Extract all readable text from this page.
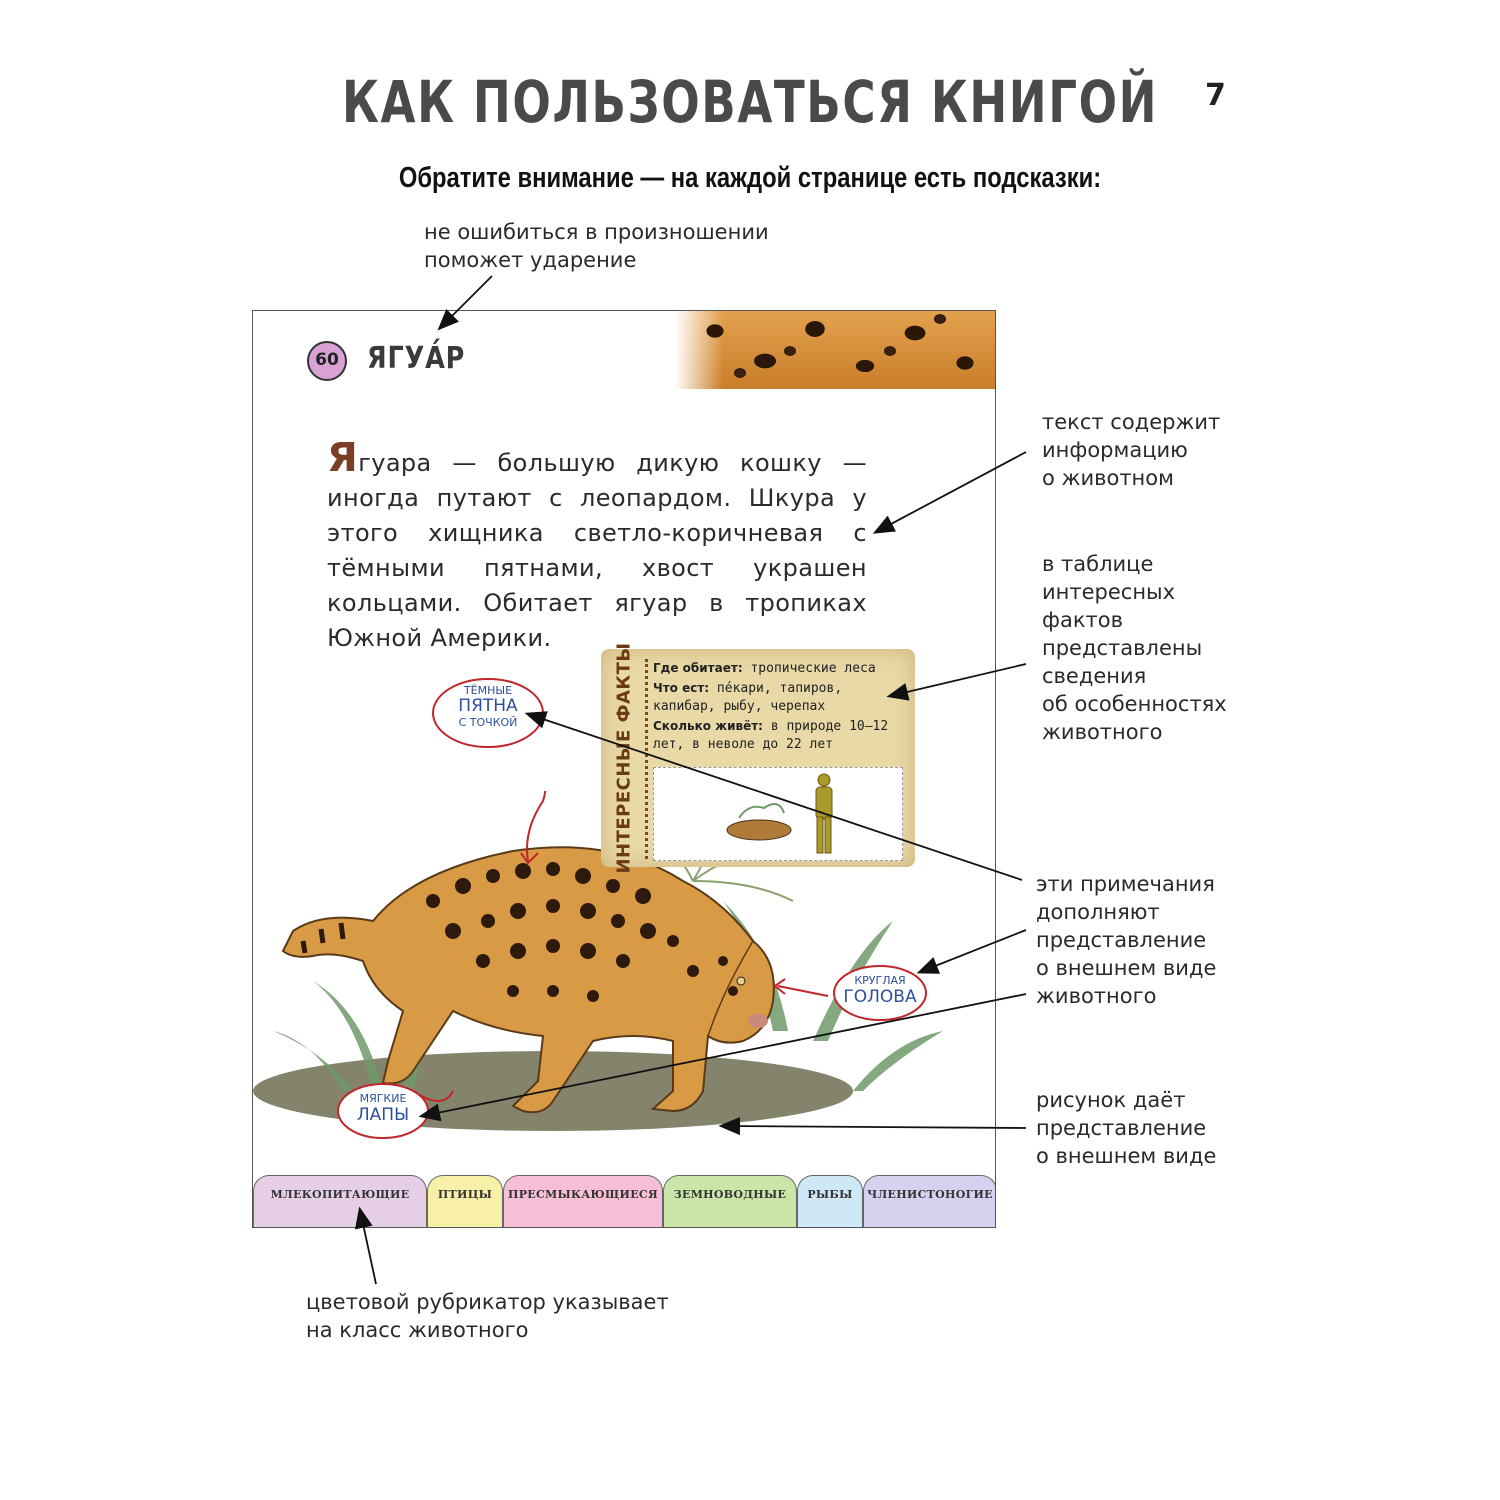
КАК ПОЛЬЗОВАТЬСЯ КНИГОЙ	7
Обратите внимание — на каждой странице есть подсказки:
не ошибиться в произношении
поможет ударение
текст содержит
информацию
о животном
в таблице
интересных
фактов
представлены
сведения
об особенностях
животного
эти примечания
дополняют
представление
о внешнем виде
животного
рисунок даёт
представление
о внешнем виде
цветовой рубрикатор указывает
на класс животного
60 ЯГУА́Р
Ягуара — большую дикую кошку — иногда путают с леопардом. Шкура у этого хищника светло-коричневая с тёмными пятнами, хвост украшен кольцами. Обитает ягуар в тропиках Южной Америки.
ИНТЕРЕСНЫЕ ФАКТЫ Где обитает: тропические леса
Что ест: пе́кари, тапиров, капибар, рыбу, черепах
Сколько живёт: в природе 10–12 лет, в неволе до 22 лет
ТЁМНЫЕ
ПЯТНА
С ТОЧКОЙ
КРУГЛАЯ
ГОЛОВА
МЯГКИЕ
ЛАПЫ
МЛЕКОПИТАЮЩИЕ	ПТИЦЫ	ПРЕСМЫКАЮЩИЕСЯ	ЗЕМНОВОДНЫЕ	РЫБЫ	ЧЛЕНИСТОНОГИЕ
